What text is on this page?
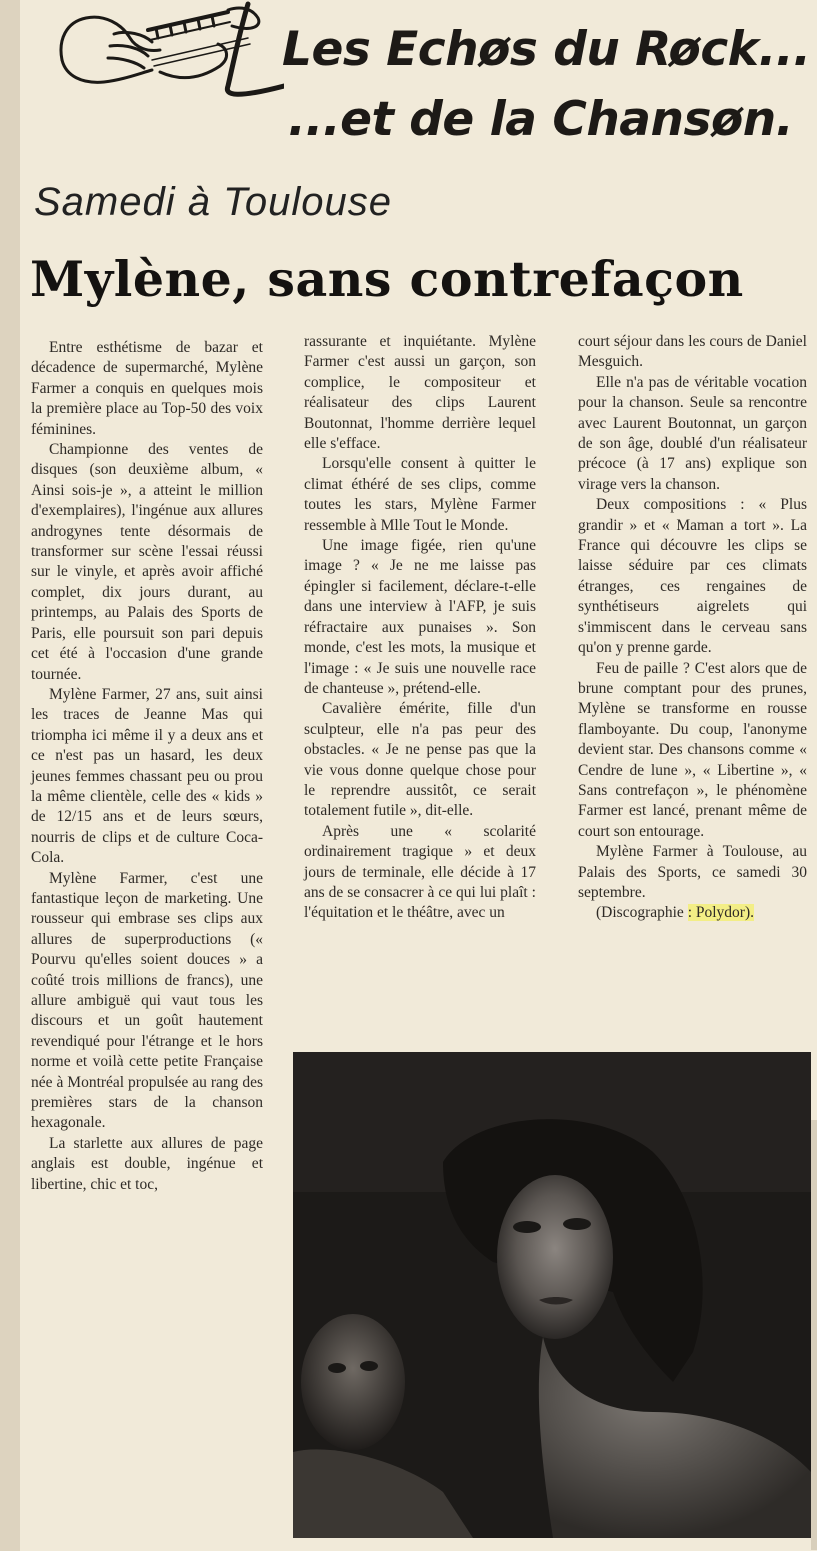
Les Echøs du Røck...
...et de la Chansøn.
Samedi à Toulouse
Mylène, sans contrefaçon

Entre esthétisme de bazar et décadence de supermarché, Mylène Farmer a conquis en quelques mois la première place au Top-50 des voix féminines.

Championne des ventes de disques (son deuxième album, « Ainsi sois-je », a atteint le million d'exemplaires), l'ingénue aux allures androgynes tente désormais de transformer sur scène l'essai réussi sur le vinyle, et après avoir affiché complet, dix jours durant, au printemps, au Palais des Sports de Paris, elle poursuit son pari depuis cet été à l'occasion d'une grande tournée.

Mylène Farmer, 27 ans, suit ainsi les traces de Jeanne Mas qui triompha ici même il y a deux ans et ce n'est pas un hasard, les deux jeunes femmes chassant peu ou prou la même clientèle, celle des « kids » de 12/15 ans et de leurs sœurs, nourris de clips et de culture Coca-Cola.

Mylène Farmer, c'est une fantastique leçon de marketing. Une rousseur qui embrase ses clips aux allures de superproductions (« Pourvu qu'elles soient douces » a coûté trois millions de francs), une allure ambiguë qui vaut tous les discours et un goût hautement revendiqué pour l'étrange et le hors norme et voilà cette petite Française née à Montréal propulsée au rang des premières stars de la chanson hexagonale.

La starlette aux allures de page anglais est double, ingénue et libertine, chic et toc,

rassurante et inquiétante. Mylène Farmer c'est aussi un garçon, son complice, le compositeur et réalisateur des clips Laurent Boutonnat, l'homme derrière lequel elle s'efface.

Lorsqu'elle consent à quitter le climat éthéré de ses clips, comme toutes les stars, Mylène Farmer ressemble à Mlle Tout le Monde.

Une image figée, rien qu'une image ? « Je ne me laisse pas épingler si facilement, déclare-t-elle dans une interview à l'AFP, je suis réfractaire aux punaises ». Son monde, c'est les mots, la musique et l'image : « Je suis une nouvelle race de chanteuse », prétend-elle.

Cavalière émérite, fille d'un sculpteur, elle n'a pas peur des obstacles. « Je ne pense pas que la vie vous donne quelque chose pour le reprendre aussitôt, ce serait totalement futile », dit-elle.

Après une « scolarité ordinairement tragique » et deux jours de terminale, elle décide à 17 ans de se consacrer à ce qui lui plaît : l'équitation et le théâtre, avec un

court séjour dans les cours de Daniel Mesguich.

Elle n'a pas de véritable vocation pour la chanson. Seule sa rencontre avec Laurent Boutonnat, un garçon de son âge, doublé d'un réalisateur précoce (à 17 ans) explique son virage vers la chanson.

Deux compositions : « Plus grandir » et « Maman a tort ». La France qui découvre les clips se laisse séduire par ces climats étranges, ces rengaines de synthétiseurs aigrelets qui s'immiscent dans le cerveau sans qu'on y prenne garde.

Feu de paille ? C'est alors que de brune comptant pour des prunes, Mylène se transforme en rousse flamboyante. Du coup, l'anonyme devient star. Des chansons comme « Cendre de lune », « Libertine », « Sans contrefaçon », le phénomène Farmer est lancé, prenant même de court son entourage.

Mylène Farmer à Toulouse, au Palais des Sports, ce samedi 30 septembre.

(Discographie : Polydor).
